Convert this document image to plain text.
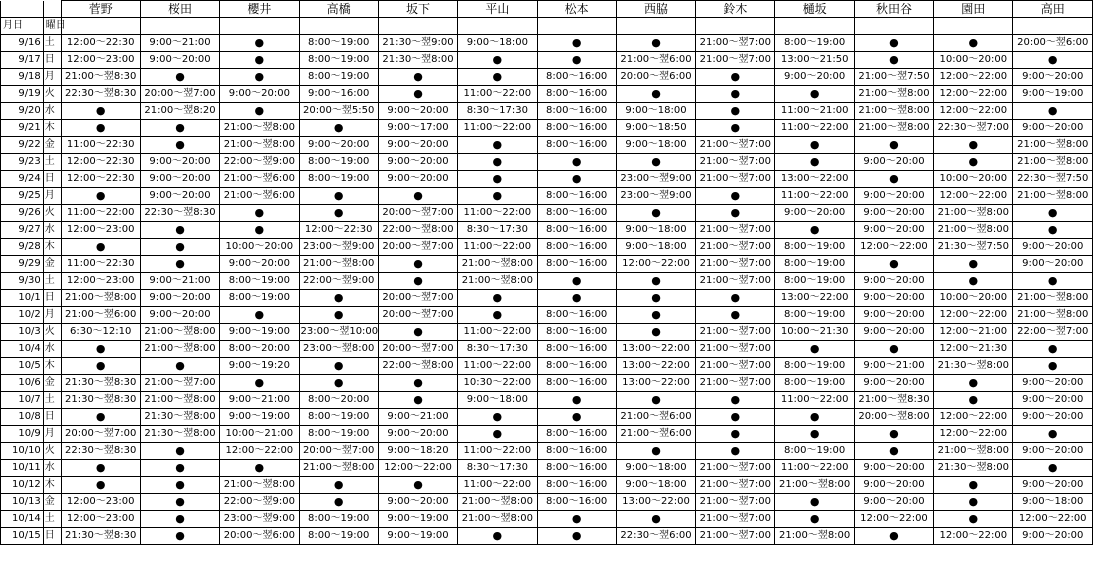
		菅野	桜田	櫻井	高橋	坂下	平山	松本	西脇	鈴木	樋坂	秋田谷	園田	高田
月日	曜日													
9/16	土	12:00～22:30	9:00～21:00	●	8:00～19:00	21:30～翌9:00	9:00～18:00	●	●	21:00～翌7:00	8:00～19:00	●	●	20:00～翌6:00
9/17	日	12:00～23:00	9:00～20:00	●	8:00～19:00	21:30～翌8:00	●	●	21:00～翌6:00	21:00～翌7:00	13:00～21:50	●	10:00～20:00	●
9/18	月	21:00～翌8:30	●	●	8:00～19:00	●	●	8:00～16:00	20:00～翌6:00	●	9:00～20:00	21:00～翌7:50	12:00～22:00	9:00～20:00
9/19	火	22:30～翌8:30	20:00～翌7:00	9:00～20:00	9:00～16:00	●	11:00～22:00	8:00～16:00	●	●	●	21:00～翌8:00	12:00～22:00	9:00～19:00
9/20	水	●	21:00～翌8:20	●	20:00～翌5:50	9:00～20:00	8:30～17:30	8:00～16:00	9:00～18:00	●	11:00～21:00	21:00～翌8:00	12:00～22:00	●
9/21	木	●	●	21:00～翌8:00	●	9:00～17:00	11:00～22:00	8:00～16:00	9:00～18:50	●	11:00～22:00	21:00～翌8:00	22:30～翌7:00	9:00～20:00
9/22	金	11:00～22:30	●	21:00～翌8:00	9:00～20:00	9:00～20:00	●	8:00～16:00	9:00～18:00	21:00～翌7:00	●	●	●	21:00～翌8:00
9/23	土	12:00～22:30	9:00～20:00	22:00～翌9:00	8:00～19:00	9:00～20:00	●	●	●	21:00～翌7:00	●	9:00～20:00	●	21:00～翌8:00
9/24	日	12:00～22:30	9:00～20:00	21:00～翌6:00	8:00～19:00	9:00～20:00	●	●	23:00～翌9:00	21:00～翌7:00	13:00～22:00	●	10:00～20:00	22:30～翌7:50
9/25	月	●	9:00～20:00	21:00～翌6:00	●	●	●	8:00～16:00	23:00～翌9:00	●	11:00～22:00	9:00～20:00	12:00～22:00	21:00～翌8:00
9/26	火	11:00～22:00	22:30～翌8:30	●	●	20:00～翌7:00	11:00～22:00	8:00～16:00	●	●	9:00～20:00	9:00～20:00	21:00～翌8:00	●
9/27	水	12:00～23:00	●	●	12:00～22:30	22:00～翌8:00	8:30～17:30	8:00～16:00	9:00～18:00	21:00～翌7:00	●	9:00～20:00	21:00～翌8:00	●
9/28	木	●	●	10:00～20:00	23:00～翌9:00	20:00～翌7:00	11:00～22:00	8:00～16:00	9:00～18:00	21:00～翌7:00	8:00～19:00	12:00～22:00	21:30～翌7:50	9:00～20:00
9/29	金	11:00～22:30	●	9:00～20:00	21:00～翌8:00	●	21:00～翌8:00	8:00～16:00	12:00～22:00	21:00～翌7:00	8:00～19:00	●	●	9:00～20:00
9/30	土	12:00～23:00	9:00～21:00	8:00～19:00	22:00～翌9:00	●	21:00～翌8:00	●	●	21:00～翌7:00	8:00～19:00	9:00～20:00	●	●
10/1	日	21:00～翌8:00	9:00～20:00	8:00～19:00	●	20:00～翌7:00	●	●	●	●	13:00～22:00	9:00～20:00	10:00～20:00	21:00～翌8:00
10/2	月	21:00～翌6:00	9:00～20:00	●	●	20:00～翌7:00	●	8:00～16:00	●	●	8:00～19:00	9:00～20:00	12:00～22:00	21:00～翌8:00
10/3	火	6:30～12:10	21:00～翌8:00	9:00～19:00	23:00～翌10:00	●	11:00～22:00	8:00～16:00	●	21:00～翌7:00	10:00～21:30	9:00～20:00	12:00～21:00	22:00～翌7:00
10/4	水	●	21:00～翌8:00	8:00～20:00	23:00～翌8:00	20:00～翌7:00	8:30～17:30	8:00～16:00	13:00～22:00	21:00～翌7:00	●	●	12:00～21:30	●
10/5	木	●	●	9:00～19:20	●	22:00～翌8:00	11:00～22:00	8:00～16:00	13:00～22:00	21:00～翌7:00	8:00～19:00	9:00～21:00	21:30～翌8:00	●
10/6	金	21:30～翌8:30	21:00～翌7:00	●	●	●	10:30～22:00	8:00～16:00	13:00～22:00	21:00～翌7:00	8:00～19:00	9:00～20:00	●	9:00～20:00
10/7	土	21:30～翌8:30	21:00～翌8:00	9:00～21:00	8:00～20:00	●	9:00～18:00	●	●	●	11:00～22:00	21:00～翌8:30	●	9:00～20:00
10/8	日	●	21:30～翌8:00	9:00～19:00	8:00～19:00	9:00～21:00	●	●	21:00～翌6:00	●	●	20:00～翌8:00	12:00～22:00	9:00～20:00
10/9	月	20:00～翌7:00	21:30～翌8:00	10:00～21:00	8:00～19:00	9:00～20:00	●	8:00～16:00	21:00～翌6:00	●	●	●	12:00～22:00	●
10/10	火	22:30～翌8:30	●	12:00～22:00	20:00～翌7:00	9:00～18:20	11:00～22:00	8:00～16:00	●	●	8:00～19:00	●	21:00～翌8:00	9:00～20:00
10/11	水	●	●	●	21:00～翌8:00	12:00～22:00	8:30～17:30	8:00～16:00	9:00～18:00	21:00～翌7:00	11:00～22:00	9:00～20:00	21:30～翌8:00	●
10/12	木	●	●	21:00～翌8:00	●	●	11:00～22:00	8:00～16:00	9:00～18:00	21:00～翌7:00	21:00～翌8:00	9:00～20:00	●	9:00～20:00
10/13	金	12:00～23:00	●	22:00～翌9:00	●	9:00～20:00	21:00～翌8:00	8:00～16:00	13:00～22:00	21:00～翌7:00	●	9:00～20:00	●	9:00～18:00
10/14	土	12:00～23:00	●	23:00～翌9:00	8:00～19:00	9:00～19:00	21:00～翌8:00	●	●	21:00～翌7:00	●	12:00～22:00	●	12:00～22:00
10/15	日	21:30～翌8:30	●	20:00～翌6:00	8:00～19:00	9:00～19:00	●	●	22:30～翌6:00	21:00～翌7:00	21:00～翌8:00	●	12:00～22:00	9:00～20:00
